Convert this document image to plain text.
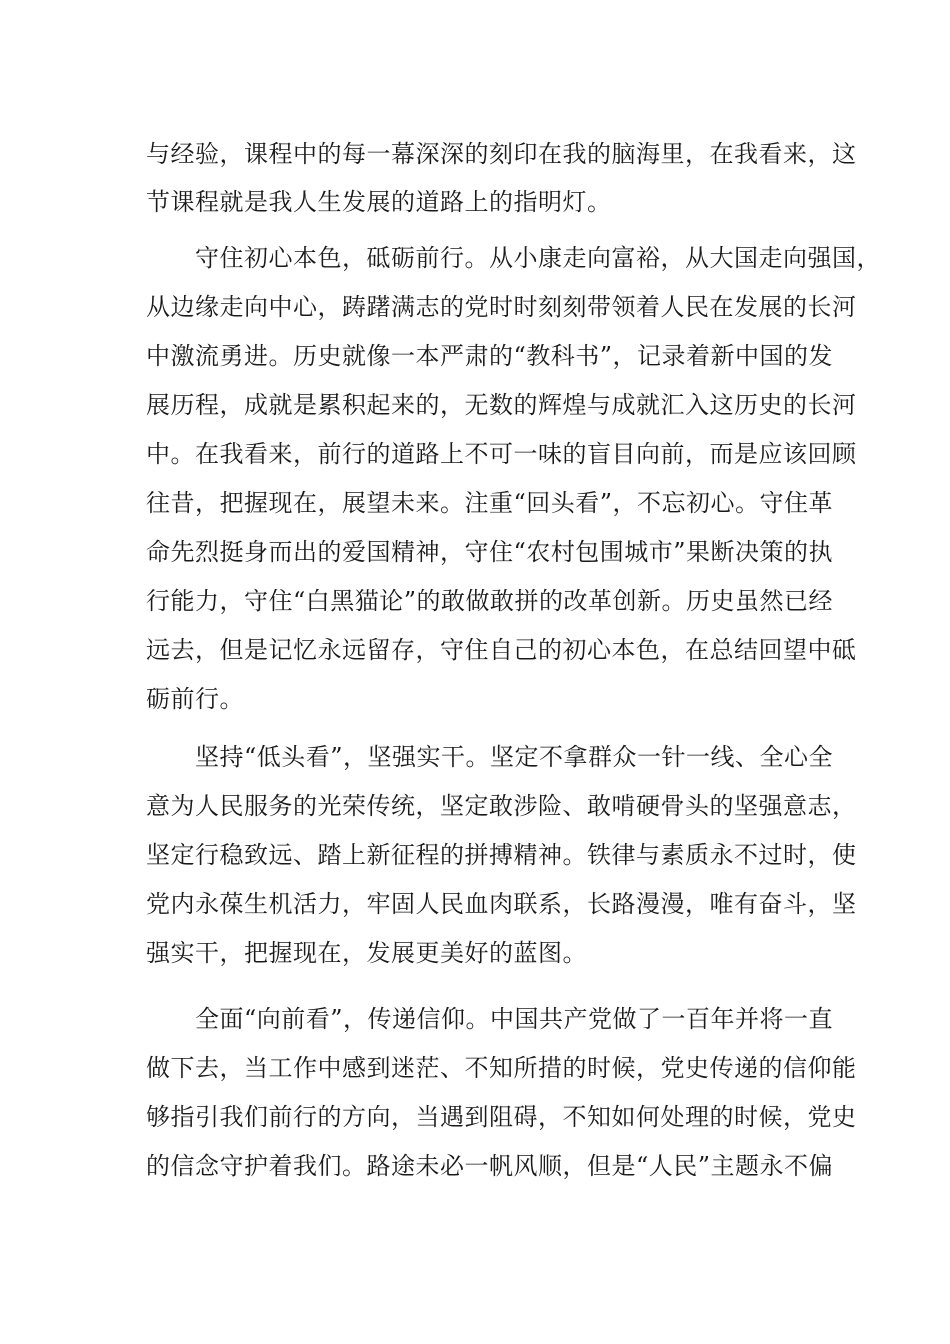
与经验，课程中的每一幕深深的刻印在我的脑海里，在我看来，这
节课程就是我人生发展的道路上的指明灯。
　　守住初心本色，砥砺前行。从小康走向富裕，从大国走向强国，
从边缘走向中心，踌躇满志的党时时刻刻带领着人民在发展的长河
中激流勇进。历史就像一本严肃的“教科书”，记录着新中国的发
展历程，成就是累积起来的，无数的辉煌与成就汇入这历史的长河
中。在我看来，前行的道路上不可一味的盲目向前，而是应该回顾
往昔，把握现在，展望未来。注重“回头看”，不忘初心。守住革
命先烈挺身而出的爱国精神，守住“农村包围城市”果断决策的执
行能力，守住“白黑猫论”的敢做敢拼的改革创新。历史虽然已经
远去，但是记忆永远留存，守住自己的初心本色，在总结回望中砥
砺前行。
　　坚持“低头看”，坚强实干。坚定不拿群众一针一线、全心全
意为人民服务的光荣传统，坚定敢涉险、敢啃硬骨头的坚强意志，
坚定行稳致远、踏上新征程的拼搏精神。铁律与素质永不过时，使
党内永葆生机活力，牢固人民血肉联系，长路漫漫，唯有奋斗，坚
强实干，把握现在，发展更美好的蓝图。
　　全面“向前看”，传递信仰。中国共产党做了一百年并将一直
做下去，当工作中感到迷茫、不知所措的时候，党史传递的信仰能
够指引我们前行的方向，当遇到阻碍，不知如何处理的时候，党史
的信念守护着我们。路途未必一帆风顺，但是“人民”主题永不偏
